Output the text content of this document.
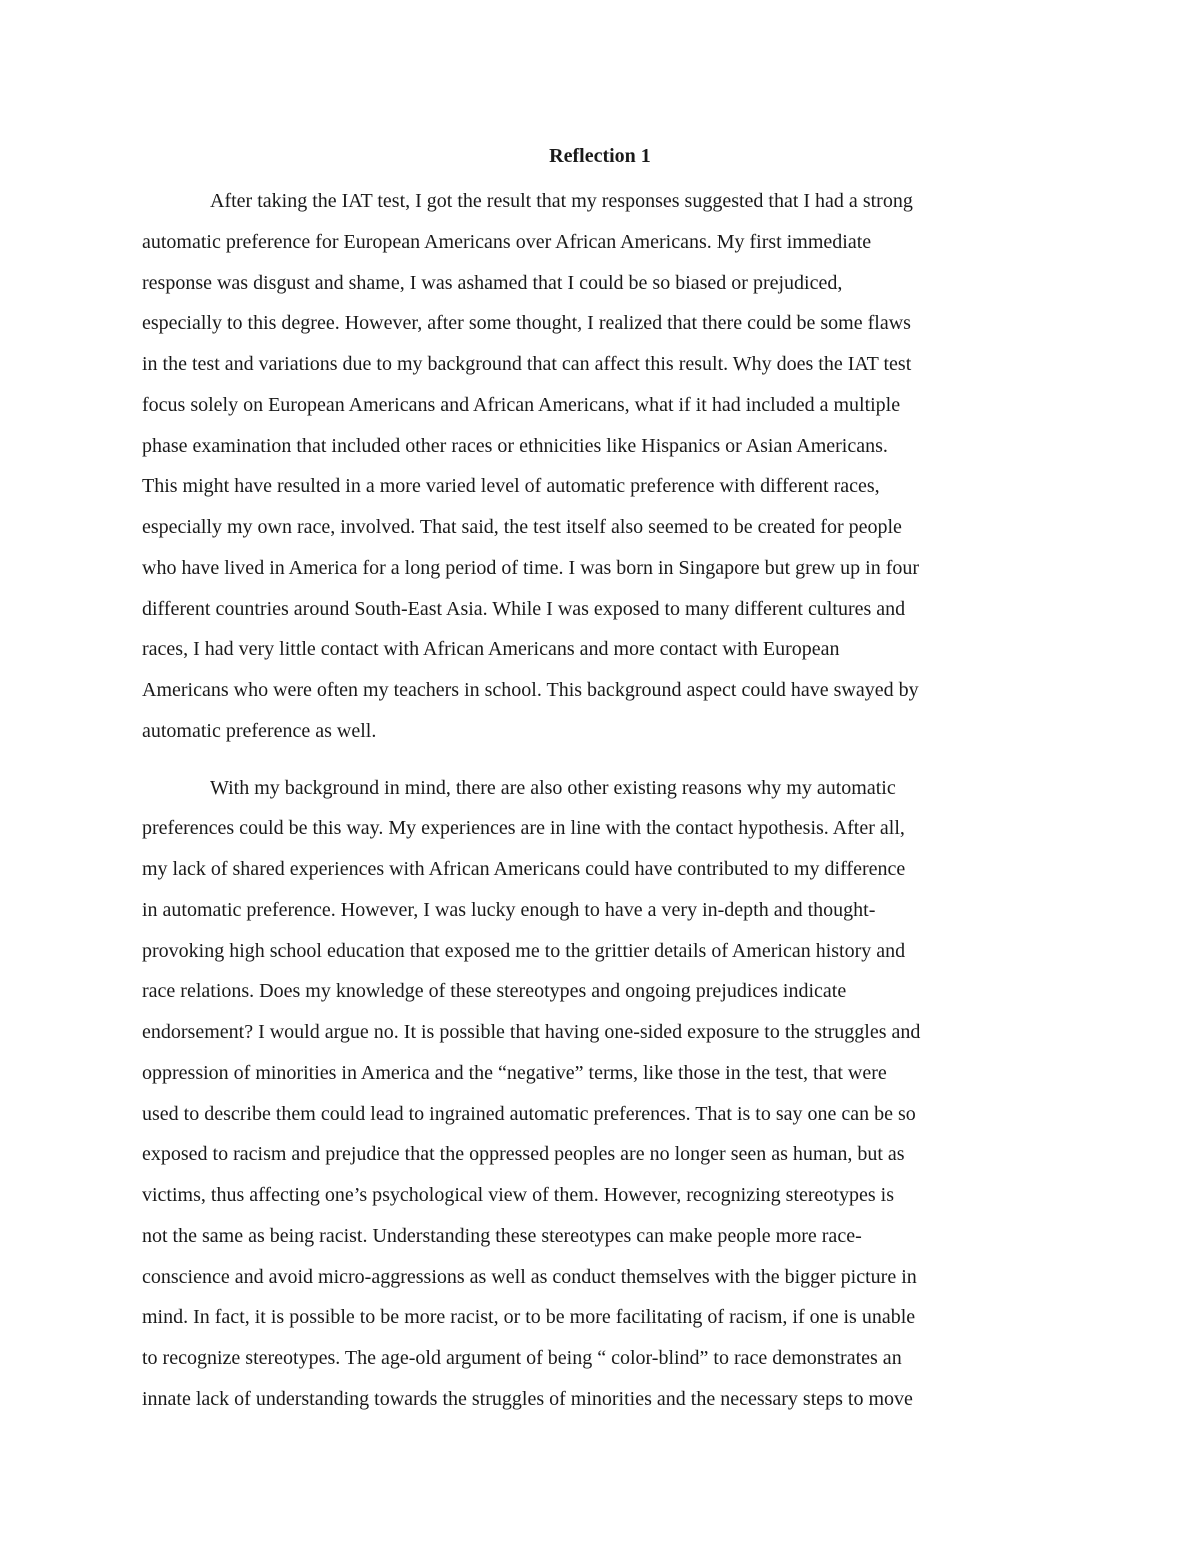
Reflection 1
After taking the IAT test, I got the result that my responses suggested that I had a strong
automatic preference for European Americans over African Americans. My first immediate
response was disgust and shame, I was ashamed that I could be so biased or prejudiced,
especially to this degree. However, after some thought, I realized that there could be some flaws
in the test and variations due to my background that can affect this result. Why does the IAT test
focus solely on European Americans and African Americans, what if it had included a multiple
phase examination that included other races or ethnicities like Hispanics or Asian Americans.
This might have resulted in a more varied level of automatic preference with different races,
especially my own race, involved. That said, the test itself also seemed to be created for people
who have lived in America for a long period of time. I was born in Singapore but grew up in four
different countries around South-East Asia. While I was exposed to many different cultures and
races, I had very little contact with African Americans and more contact with European
Americans who were often my teachers in school. This background aspect could have swayed by
automatic preference as well.
With my background in mind, there are also other existing reasons why my automatic
preferences could be this way. My experiences are in line with the contact hypothesis. After all,
my lack of shared experiences with African Americans could have contributed to my difference
in automatic preference. However, I was lucky enough to have a very in-depth and thought-
provoking high school education that exposed me to the grittier details of American history and
race relations. Does my knowledge of these stereotypes and ongoing prejudices indicate
endorsement? I would argue no. It is possible that having one-sided exposure to the struggles and
oppression of minorities in America and the “negative” terms, like those in the test, that were
used to describe them could lead to ingrained automatic preferences. That is to say one can be so
exposed to racism and prejudice that the oppressed peoples are no longer seen as human, but as
victims, thus affecting one’s psychological view of them. However, recognizing stereotypes is
not the same as being racist. Understanding these stereotypes can make people more race-
conscience and avoid micro-aggressions as well as conduct themselves with the bigger picture in
mind. In fact, it is possible to be more racist, or to be more facilitating of racism, if one is unable
to recognize stereotypes. The age-old argument of being “ color-blind” to race demonstrates an
innate lack of understanding towards the struggles of minorities and the necessary steps to move
